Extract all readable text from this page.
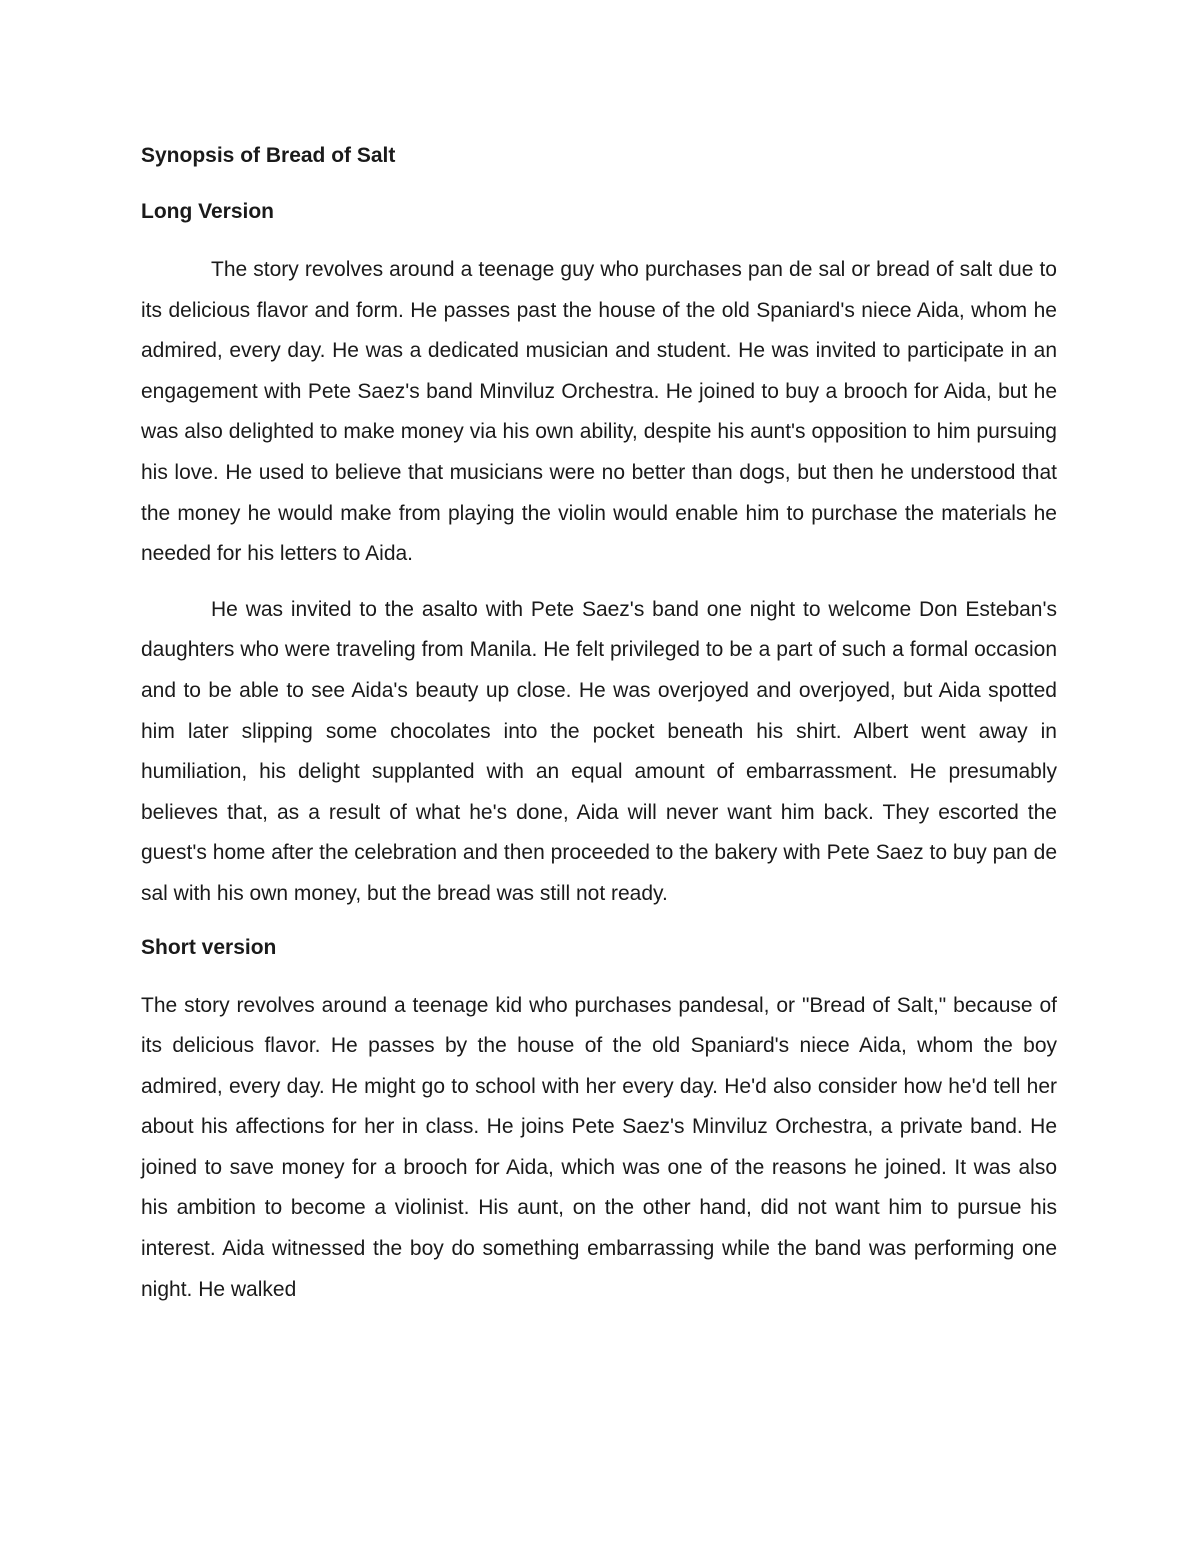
Synopsis of Bread of Salt
Long Version

The story revolves around a teenage guy who purchases pan de sal or bread of salt due to its delicious flavor and form. He passes past the house of the old Spaniard's niece Aida, whom he admired, every day. He was a dedicated musician and student. He was invited to participate in an engagement with Pete Saez's band Minviluz Orchestra. He joined to buy a brooch for Aida, but he was also delighted to make money via his own ability, despite his aunt's opposition to him pursuing his love. He used to believe that musicians were no better than dogs, but then he understood that the money he would make from playing the violin would enable him to purchase the materials he needed for his letters to Aida.

He was invited to the asalto with Pete Saez's band one night to welcome Don Esteban's daughters who were traveling from Manila. He felt privileged to be a part of such a formal occasion and to be able to see Aida's beauty up close. He was overjoyed and overjoyed, but Aida spotted him later slipping some chocolates into the pocket beneath his shirt. Albert went away in humiliation, his delight supplanted with an equal amount of embarrassment. He presumably believes that, as a result of what he's done, Aida will never want him back. They escorted the guest's home after the celebration and then proceeded to the bakery with Pete Saez to buy pan de sal with his own money, but the bread was still not ready.

Short version

The story revolves around a teenage kid who purchases pandesal, or "Bread of Salt," because of its delicious flavor. He passes by the house of the old Spaniard's niece Aida, whom the boy admired, every day. He might go to school with her every day. He'd also consider how he'd tell her about his affections for her in class. He joins Pete Saez's Minviluz Orchestra, a private band. He joined to save money for a brooch for Aida, which was one of the reasons he joined. It was also his ambition to become a violinist. His aunt, on the other hand, did not want him to pursue his interest. Aida witnessed the boy do something embarrassing while the band was performing one night. He walked
